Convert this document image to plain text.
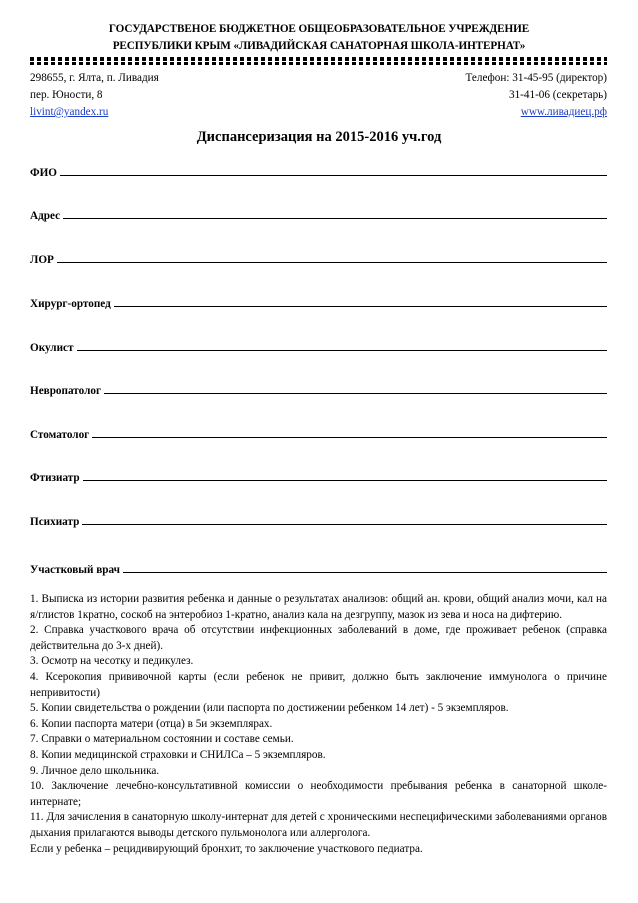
ГОСУДАРСТВЕНОЕ БЮДЖЕТНОЕ ОБЩЕОБРАЗОВАТЕЛЬНОЕ УЧРЕЖДЕНИЕ
РЕСПУБЛИКИ КРЫМ «ЛИВАДИЙСКАЯ САНАТОРНАЯ ШКОЛА-ИНТЕРНАТ»
298655, г. Ялта, п. Ливадия
пер. Юности, 8
livint@yandex.ru
Телефон: 31-45-95 (директор)
31-41-06 (секретарь)
www.ливадиец.рф
Диспансеризация на 2015-2016 уч.год
ФИО
Адрес
ЛОР
Хирург-ортопед
Окулист
Невропатолог
Стоматолог
Фтизиатр
Психиатр
Участковый врач

1. Выписка из истории развития ребенка и данные о результатах анализов: общий ан. крови, общий анализ мочи, кал на я/глистов 1кратно, соскоб на энтеробиоз 1-кратно, анализ кала на дезгруппу, мазок из зева и носа на дифтерию.

2. Справка участкового врача об отсутствии инфекционных заболеваний в доме, где проживает ребенок (справка действительна до 3-х дней).

3. Осмотр на чесотку и педикулез.

4. Ксерокопия прививочной карты (если ребенок не привит, должно быть заключение иммунолога о причине непривитости)

5. Копии свидетельства о рождении (или паспорта по достижении ребенком 14 лет) - 5 экземпляров.

6. Копии паспорта матери (отца) в 5и экземплярах.

7. Справки о материальном состоянии и составе семьи.

8. Копии медицинской страховки и СНИЛСа – 5 экземпляров.

9. Личное дело школьника.

10. Заключение лечебно-консультативной комиссии о необходимости пребывания ребенка в санаторной школе-интернате;

11. Для зачисления в санаторную школу-интернат для детей с хроническими неспецифическими заболеваниями органов дыхания прилагаются выводы детского пульмонолога или аллерголога.

Если у ребенка – рецидивирующий бронхит, то заключение участкового педиатра.
